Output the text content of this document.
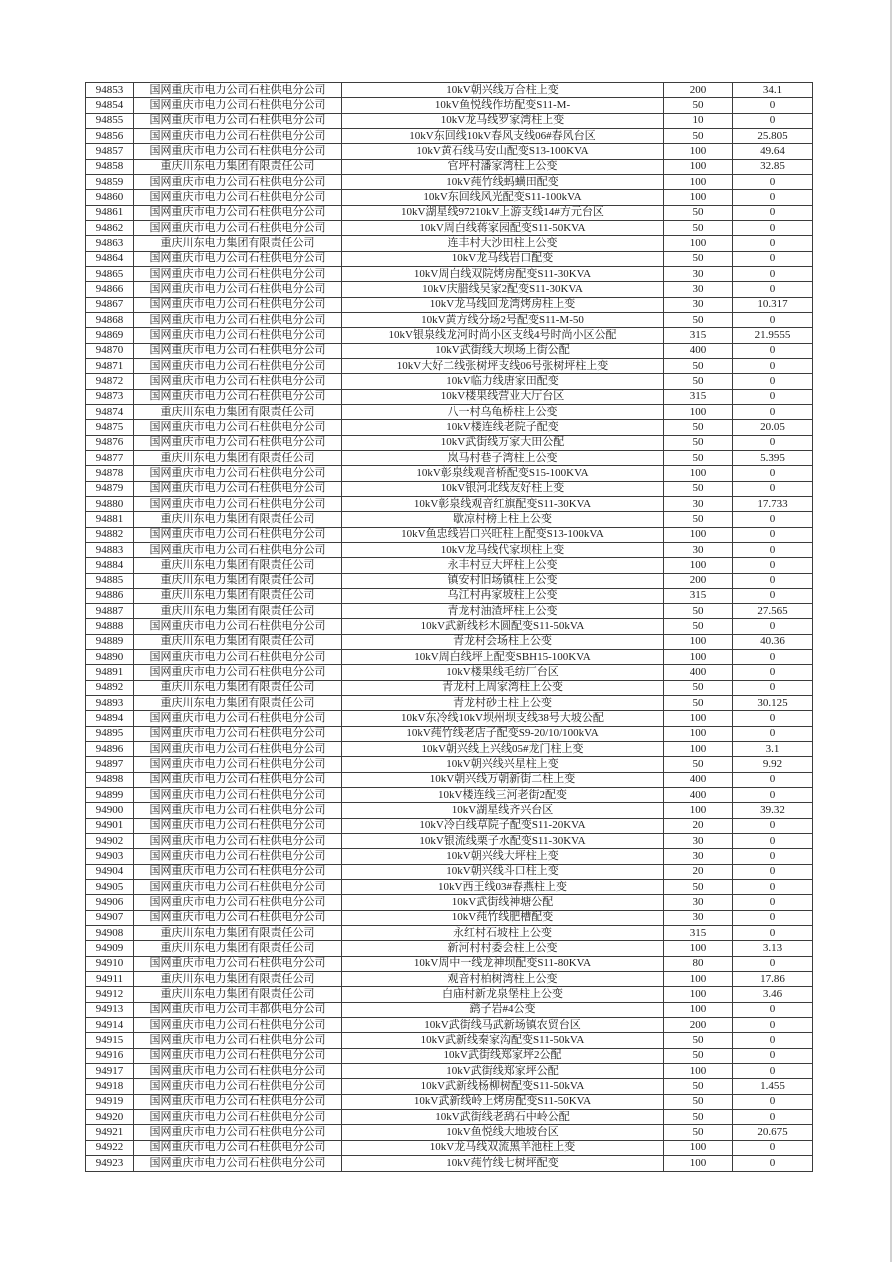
94853	国网重庆市电力公司石柱供电分公司	10kV朝兴线万合柱上变	200	34.1
94854	国网重庆市电力公司石柱供电分公司	10kV鱼悦线作坊配变S11-M-	50	0
94855	国网重庆市电力公司石柱供电分公司	10kV龙马线罗家湾柱上变	10	0
94856	国网重庆市电力公司石柱供电分公司	10kV东回线10kV春风支线06#春风台区	50	25.805
94857	国网重庆市电力公司石柱供电分公司	10kV黄石线马安山配变S13-100KVA	100	49.64
94858	重庆川东电力集团有限责任公司	官坪村潘家湾柱上公变	100	32.85
94859	国网重庆市电力公司石柱供电分公司	10kV莼竹线蚂蟥田配变	100	0
94860	国网重庆市电力公司石柱供电分公司	10kV东回线风光配变S11-100kVA	100	0
94861	国网重庆市电力公司石柱供电分公司	10kV湖星线97210kV上游支线14#方元台区	50	0
94862	国网重庆市电力公司石柱供电分公司	10kV周白线蒋家园配变S11-50KVA	50	0
94863	重庆川东电力集团有限责任公司	连丰村大沙田柱上公变	100	0
94864	国网重庆市电力公司石柱供电分公司	10kV龙马线岩口配变	50	0
94865	国网重庆市电力公司石柱供电分公司	10kV周白线双院烤房配变S11-30KVA	30	0
94866	国网重庆市电力公司石柱供电分公司	10kV庆腊线吴家2配变S11-30KVA	30	0
94867	国网重庆市电力公司石柱供电分公司	10kV龙马线回龙湾烤房柱上变	30	10.317
94868	国网重庆市电力公司石柱供电分公司	10kV黄方线分场2号配变S11-M-50	50	0
94869	国网重庆市电力公司石柱供电分公司	10kV银泉线龙河时尚小区支线4号时尚小区公配	315	21.9555
94870	国网重庆市电力公司石柱供电分公司	10kV武街线大坝场上街公配	400	0
94871	国网重庆市电力公司石柱供电分公司	10kV大好二线张树坪支线06号张树坪柱上变	50	0
94872	国网重庆市电力公司石柱供电分公司	10kV临力线唐家田配变	50	0
94873	国网重庆市电力公司石柱供电分公司	10kV楼果线营业大厅台区	315	0
94874	重庆川东电力集团有限责任公司	八一村乌龟桥柱上公变	100	0
94875	国网重庆市电力公司石柱供电分公司	10kV楼连线老院子配变	50	20.05
94876	国网重庆市电力公司石柱供电分公司	10kV武街线万家大田公配	50	0
94877	重庆川东电力集团有限责任公司	岚马村巷子湾柱上公变	50	5.395
94878	国网重庆市电力公司石柱供电分公司	10kV彰泉线观音桥配变S15-100KVA	100	0
94879	国网重庆市电力公司石柱供电分公司	10kV银河北线友好柱上变	50	0
94880	国网重庆市电力公司石柱供电分公司	10kV彰泉线观音红旗配变S11-30KVA	30	17.733
94881	重庆川东电力集团有限责任公司	歇凉村榜上柱上公变	50	0
94882	国网重庆市电力公司石柱供电分公司	10kV鱼忠线岩口兴旺柱上配变S13-100kVA	100	0
94883	国网重庆市电力公司石柱供电分公司	10kV龙马线代家坝柱上变	30	0
94884	重庆川东电力集团有限责任公司	永丰村豆大坪柱上公变	100	0
94885	重庆川东电力集团有限责任公司	镇安村旧场镇柱上公变	200	0
94886	重庆川东电力集团有限责任公司	乌江村冉家坡柱上公变	315	0
94887	重庆川东电力集团有限责任公司	青龙村油渣坪柱上公变	50	27.565
94888	国网重庆市电力公司石柱供电分公司	10kV武新线杉木圆配变S11-50kVA	50	0
94889	重庆川东电力集团有限责任公司	青龙村会场柱上公变	100	40.36
94890	国网重庆市电力公司石柱供电分公司	10kV周白线坪上配变SBH15-100KVA	100	0
94891	国网重庆市电力公司石柱供电分公司	10kV楼果线毛纺厂台区	400	0
94892	重庆川东电力集团有限责任公司	青龙村上周家湾柱上公变	50	0
94893	重庆川东电力集团有限责任公司	青龙村砂土柱上公变	50	30.125
94894	国网重庆市电力公司石柱供电分公司	10kV东冷线10kV坝州坝支线38号大坡公配	100	0
94895	国网重庆市电力公司石柱供电分公司	10kV莼竹线老店子配变S9-20/10/100kVA	100	0
94896	国网重庆市电力公司石柱供电分公司	10kV朝兴线上兴线05#龙门柱上变	100	3.1
94897	国网重庆市电力公司石柱供电分公司	10kV朝兴线兴星柱上变	50	9.92
94898	国网重庆市电力公司石柱供电分公司	10kV朝兴线万朝新街二柱上变	400	0
94899	国网重庆市电力公司石柱供电分公司	10kV楼连线三河老街2配变	400	0
94900	国网重庆市电力公司石柱供电分公司	10kV湖星线齐兴台区	100	39.32
94901	国网重庆市电力公司石柱供电分公司	10kV冷白线草院子配变S11-20KVA	20	0
94902	国网重庆市电力公司石柱供电分公司	10kV银流线栗子水配变S11-30KVA	30	0
94903	国网重庆市电力公司石柱供电分公司	10kV朝兴线大坪柱上变	30	0
94904	国网重庆市电力公司石柱供电分公司	10kV朝兴线斗口柱上变	20	0
94905	国网重庆市电力公司石柱供电分公司	10kV西王线03#春燕柱上变	50	0
94906	国网重庆市电力公司石柱供电分公司	10kV武街线神塘公配	30	0
94907	国网重庆市电力公司石柱供电分公司	10kV莼竹线肥槽配变	30	0
94908	重庆川东电力集团有限责任公司	永红村石坡柱上公变	315	0
94909	重庆川东电力集团有限责任公司	新河村村委会柱上公变	100	3.13
94910	国网重庆市电力公司石柱供电分公司	10kV周中一线龙神坝配变S11-80KVA	80	0
94911	重庆川东电力集团有限责任公司	观音村柏树湾柱上公变	100	17.86
94912	重庆川东电力集团有限责任公司	白庙村新龙泉堡柱上公变	100	3.46
94913	国网重庆市电力公司丰都供电分公司	鹞子岩#4公变	100	0
94914	国网重庆市电力公司石柱供电分公司	10kV武街线马武新场镇农贸台区	200	0
94915	国网重庆市电力公司石柱供电分公司	10kV武新线秦家沟配变S11-50kVA	50	0
94916	国网重庆市电力公司石柱供电分公司	10kV武街线郑家坪2公配	50	0
94917	国网重庆市电力公司石柱供电分公司	10kV武街线郑家坪公配	100	0
94918	国网重庆市电力公司石柱供电分公司	10kV武新线杨柳树配变S11-50kVA	50	1.455
94919	国网重庆市电力公司石柱供电分公司	10kV武新线岭上烤房配变S11-50KVA	50	0
94920	国网重庆市电力公司石柱供电分公司	10kV武街线老鸹石中岭公配	50	0
94921	国网重庆市电力公司石柱供电分公司	10kV鱼悦线大地坡台区	50	20.675
94922	国网重庆市电力公司石柱供电分公司	10kV龙马线双流黑羊池柱上变	100	0
94923	国网重庆市电力公司石柱供电分公司	10kV莼竹线七树坪配变	100	0
